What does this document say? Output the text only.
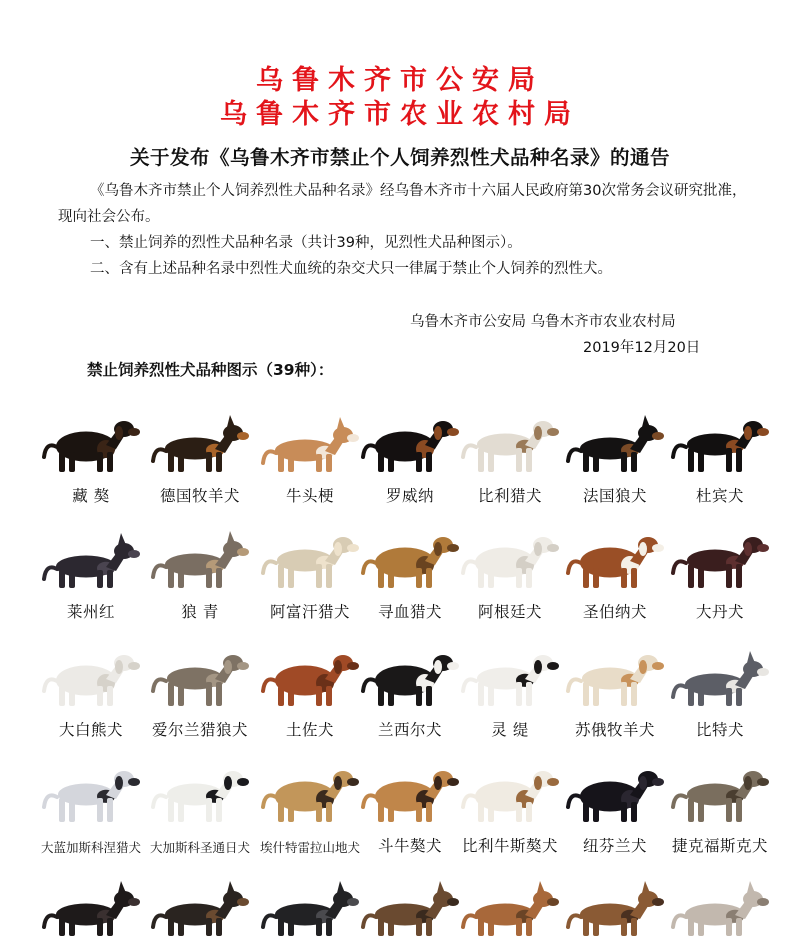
乌鲁木齐市公安局
乌鲁木齐市农业农村局
关于发布《乌鲁木齐市禁止个人饲养烈性犬品种名录》的通告
《乌鲁木齐市禁止个人饲养烈性犬品种名录》经乌鲁木齐市十六届人民政府第30次常务会议研究批准，现向社会公布。
一、禁止饲养的烈性犬品种名录（共计39种，见烈性犬品种图示）。
二、含有上述品种名录中烈性犬血统的杂交犬只一律属于禁止个人饲养的烈性犬。
乌鲁木齐市公安局 乌鲁木齐市农业农村局
2019年12月20日
禁止饲养烈性犬品种图示（39种）：
藏 獒	德国牧羊犬	牛头梗	罗威纳	比利猎犬	法国狼犬	杜宾犬
莱州红	狼 青	阿富汗猎犬	寻血猎犬	阿根廷犬	圣伯纳犬	大丹犬
大白熊犬	爱尔兰猎狼犬	土佐犬	兰西尔犬	灵 缇	苏俄牧羊犬	比特犬
大蓝加斯科涅猎犬 大加斯科圣通日犬 埃什特雷拉山地犬	斗牛獒犬	比利牛斯獒犬	纽芬兰犬	捷克福斯克犬
